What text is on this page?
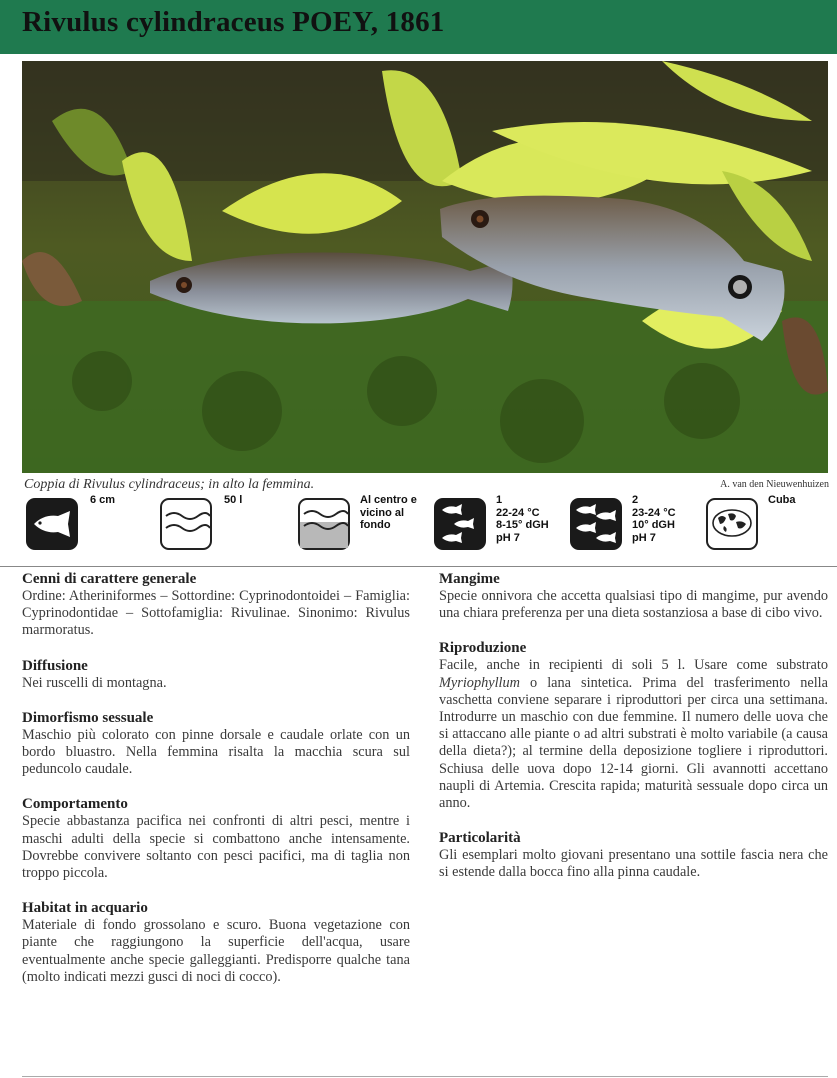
Rivulus cylindraceus POEY, 1861
Coppia di Rivulus cylindraceus; in alto la femmina.	A. van den Nieuwenhuizen
6 cm	50 l	Al centro e
vicino al
fondo
1
22-24 °C
8-15° dGH
pH 7
2
23-24 °C
10° dGH
pH 7
Cuba
Cenni di carattere generale

Ordine: Atheriniformes – Sottordine: Cyprinodontoidei – Famiglia: Cyprinodontidae – Sottofamiglia: Rivulinae. Sinonimo: Rivulus marmoratus.

Diffusione

Nei ruscelli di montagna.

Dimorfismo sessuale

Maschio più colorato con pinne dorsale e caudale orlate con un bordo bluastro. Nella femmina risalta la macchia scura sul peduncolo caudale.

Comportamento

Specie abbastanza pacifica nei confronti di altri pesci, mentre i maschi adulti della specie si combattono anche intensamente. Dovrebbe convivere soltanto con pesci pacifici, ma di taglia non troppo piccola.

Habitat in acquario

Materiale di fondo grossolano e scuro. Buona vegetazione con piante che raggiungono la superficie dell'acqua, usare eventualmente anche specie galleggianti. Predisporre qualche tana (molto indicati mezzi gusci di noci di cocco).

Mangime

Specie onnivora che accetta qualsiasi tipo di mangime, pur avendo una chiara preferenza per una dieta sostanziosa a base di cibo vivo.

Riproduzione

Facile, anche in recipienti di soli 5 l. Usare come substrato Myriophyllum o lana sintetica. Prima del trasferimento nella vaschetta conviene separare i riproduttori per circa una settimana. Introdurre un maschio con due femmine. Il numero delle uova che si attaccano alle piante o ad altri substrati è molto variabile (a causa della dieta?); al termine della deposizione togliere i riproduttori. Schiusa delle uova dopo 12-14 giorni. Gli avannotti accettano naupli di Artemia. Crescita rapida; maturità sessuale dopo circa un anno.

Particolarità

Gli esemplari molto giovani presentano una sottile fascia nera che si estende dalla bocca fino alla pinna caudale.
